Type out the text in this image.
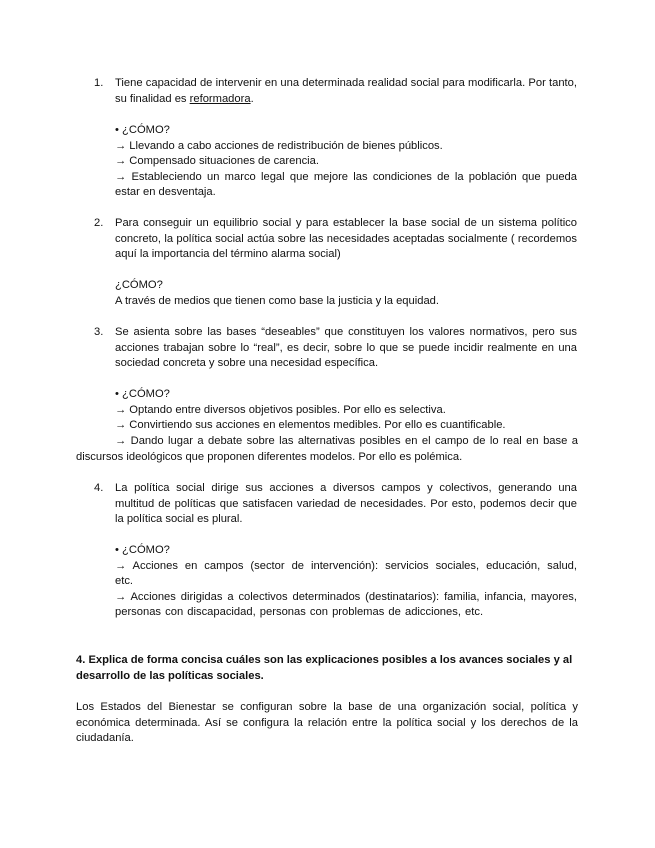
1. Tiene capacidad de intervenir en una determinada realidad social para modificarla. Por tanto, su finalidad es reformadora.
• ¿CÓMO?
→ Llevando a cabo acciones de redistribución de bienes públicos.
→ Compensado situaciones de carencia.
→ Estableciendo un marco legal que mejore las condiciones de la población que pueda estar en desventaja.
2. Para conseguir un equilibrio social y para establecer la base social de un sistema político concreto, la política social actúa sobre las necesidades aceptadas socialmente ( recordemos aquí la importancia del término alarma social)
¿CÓMO?
A través de medios que tienen como base la justicia y la equidad.
3. Se asienta sobre las bases “deseables” que constituyen los valores normativos, pero sus acciones trabajan sobre lo “real”, es decir, sobre lo que se puede incidir realmente en una sociedad concreta y sobre una necesidad específica.
• ¿CÓMO?
→ Optando entre diversos objetivos posibles. Por ello es selectiva.
→ Convirtiendo sus acciones en elementos medibles. Por ello es cuantificable.
→ Dando lugar a debate sobre las alternativas posibles en el campo de lo real en base a discursos ideológicos que proponen diferentes modelos. Por ello es polémica.
4. La política social dirige sus acciones a diversos campos y colectivos, generando una multitud de políticas que satisfacen variedad de necesidades. Por esto, podemos decir que la política social es plural.
• ¿CÓMO?
→ Acciones en campos (sector de intervención): servicios sociales, educación, salud, etc.
→ Acciones dirigidas a colectivos determinados (destinatarios): familia, infancia, mayores, personas con discapacidad, personas con problemas de adicciones, etc.
4. Explica de forma concisa cuáles son las explicaciones posibles a los avances sociales y al desarrollo de las políticas sociales.
Los Estados del Bienestar se configuran sobre la base de una organización social, política y económica determinada. Así se configura la relación entre la política social y los derechos de la ciudadanía.
